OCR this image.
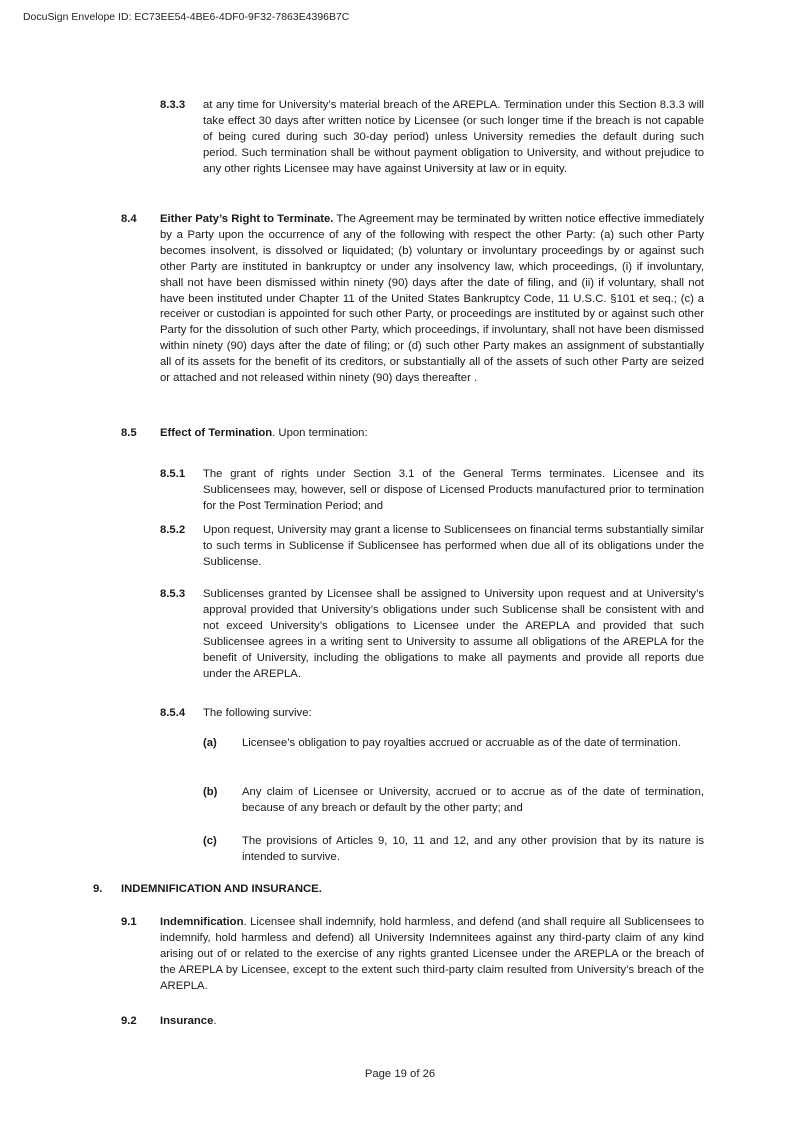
DocuSign Envelope ID: EC73EE54-4BE6-4DF0-9F32-7863E4396B7C
8.3.3 at any time for University’s material breach of the AREPLA. Termination under this Section 8.3.3 will take effect 30 days after written notice by Licensee (or such longer time if the breach is not capable of being cured during such 30-day period) unless University remedies the default during such period. Such termination shall be without payment obligation to University, and without prejudice to any other rights Licensee may have against University at law or in equity.
8.4 Either Paty’s Right to Terminate. The Agreement may be terminated by written notice effective immediately by a Party upon the occurrence of any of the following with respect the other Party: (a) such other Party becomes insolvent, is dissolved or liquidated; (b) voluntary or involuntary proceedings by or against such other Party are instituted in bankruptcy or under any insolvency law, which proceedings, (i) if involuntary, shall not have been dismissed within ninety (90) days after the date of filing, and (ii) if voluntary, shall not have been instituted under Chapter 11 of the United States Bankruptcy Code, 11 U.S.C. §101 et seq.; (c) a receiver or custodian is appointed for such other Party, or proceedings are instituted by or against such other Party for the dissolution of such other Party, which proceedings, if involuntary, shall not have been dismissed within ninety (90) days after the date of filing; or (d) such other Party makes an assignment of substantially all of its assets for the benefit of its creditors, or substantially all of the assets of such other Party are seized or attached and not released within ninety (90) days thereafter .
8.5 Effect of Termination. Upon termination:
8.5.1 The grant of rights under Section 3.1 of the General Terms terminates. Licensee and its Sublicensees may, however, sell or dispose of Licensed Products manufactured prior to termination for the Post Termination Period; and
8.5.2 Upon request, University may grant a license to Sublicensees on financial terms substantially similar to such terms in Sublicense if Sublicensee has performed when due all of its obligations under the Sublicense.
8.5.3 Sublicenses granted by Licensee shall be assigned to University upon request and at University’s approval provided that University’s obligations under such Sublicense shall be consistent with and not exceed University’s obligations to Licensee under the AREPLA and provided that such Sublicensee agrees in a writing sent to University to assume all obligations of the AREPLA for the benefit of University, including the obligations to make all payments and provide all reports due under the AREPLA.
8.5.4 The following survive:
(a) Licensee’s obligation to pay royalties accrued or accruable as of the date of termination.
(b) Any claim of Licensee or University, accrued or to accrue as of the date of termination, because of any breach or default by the other party; and
(c) The provisions of Articles 9, 10, 11 and 12, and any other provision that by its nature is intended to survive.
9. INDEMNIFICATION AND INSURANCE.
9.1 Indemnification. Licensee shall indemnify, hold harmless, and defend (and shall require all Sublicensees to indemnify, hold harmless and defend) all University Indemnitees against any third-party claim of any kind arising out of or related to the exercise of any rights granted Licensee under the AREPLA or the breach of the AREPLA by Licensee, except to the extent such third-party claim resulted from University’s breach of the AREPLA.
9.2 Insurance.
Page 19 of 26
